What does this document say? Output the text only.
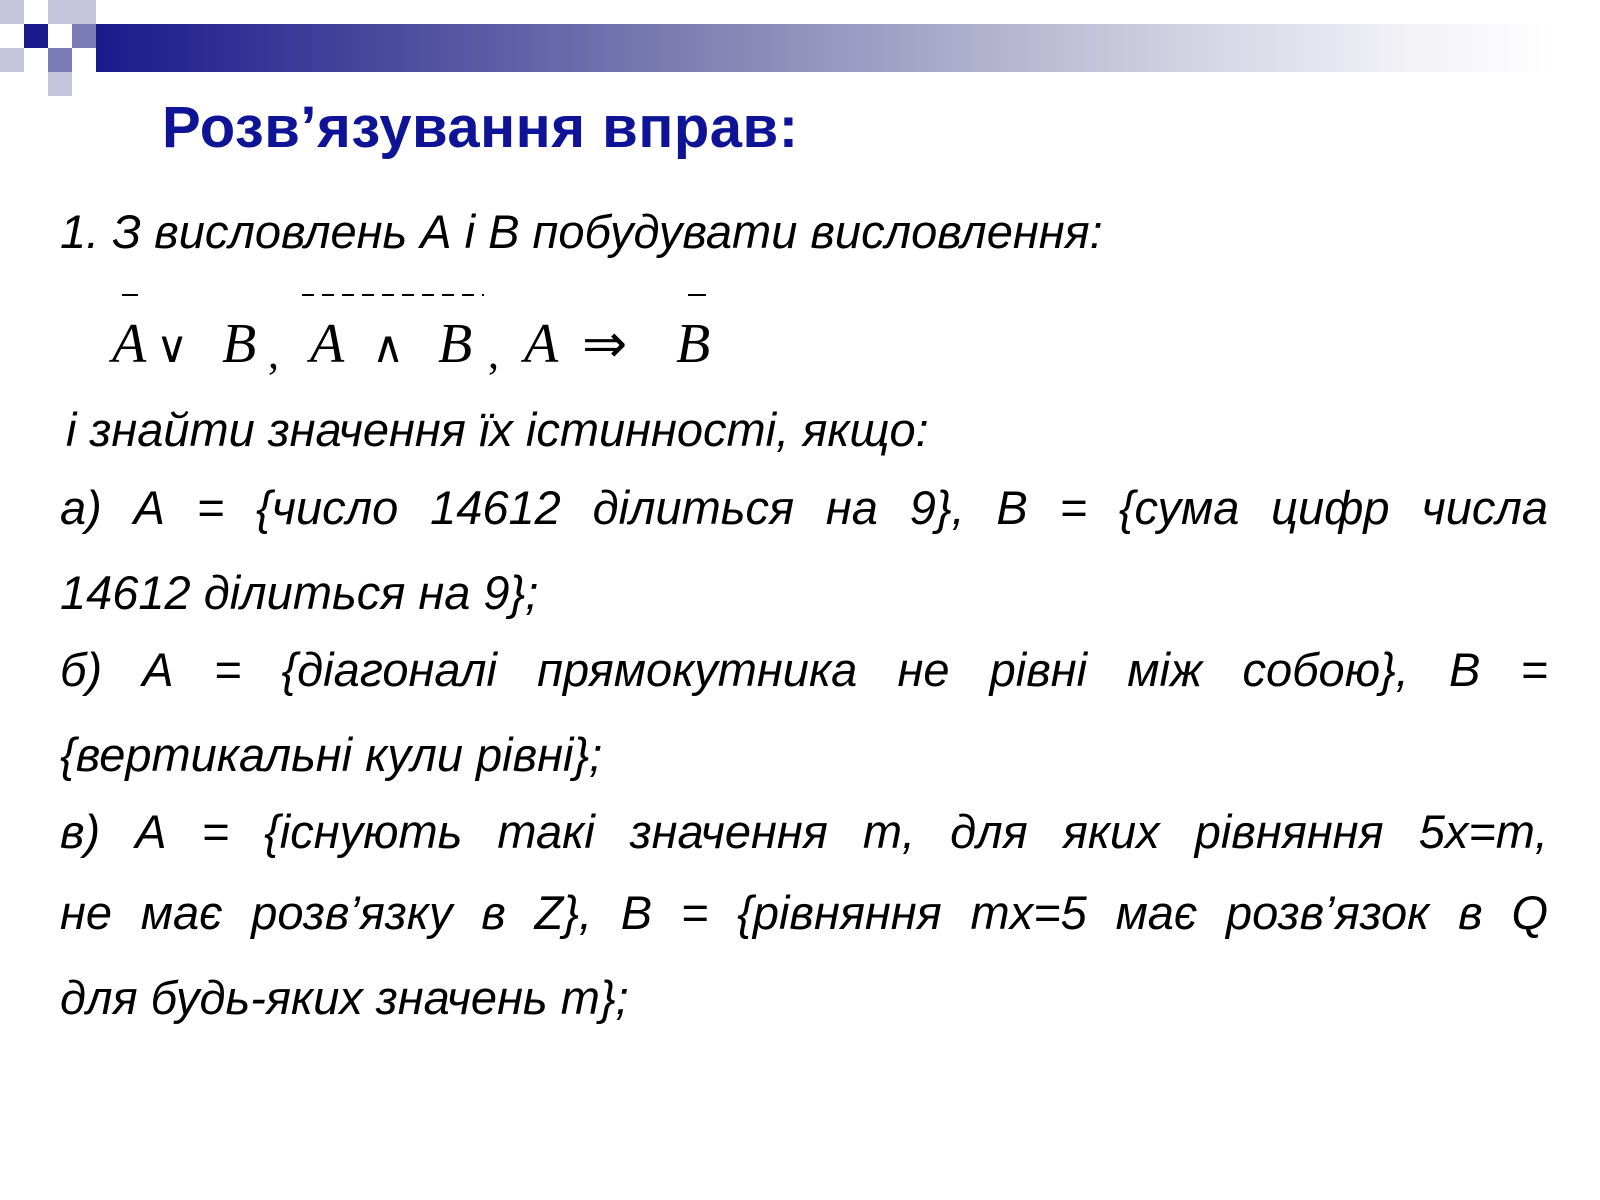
Розв’язування вправ:
1. З висловлень А і В побудувати висловлення:
A ∨ B , A ∧ B , A ⇒ B
і знайти значення їх істинності, якщо:
а) А = {число 14612 ділиться на 9}, В = {сума цифр числа
14612 ділиться на 9};
б) А = {діагоналі прямокутника не рівні між собою}, В =
{вертикальні кули рівні};
в) А = {існують такі значення m, для яких рівняння 5x=m,
не має розв’язку в Z}, В = {рівняння mx=5 має розв’язок в Q
для будь-яких значень m};
